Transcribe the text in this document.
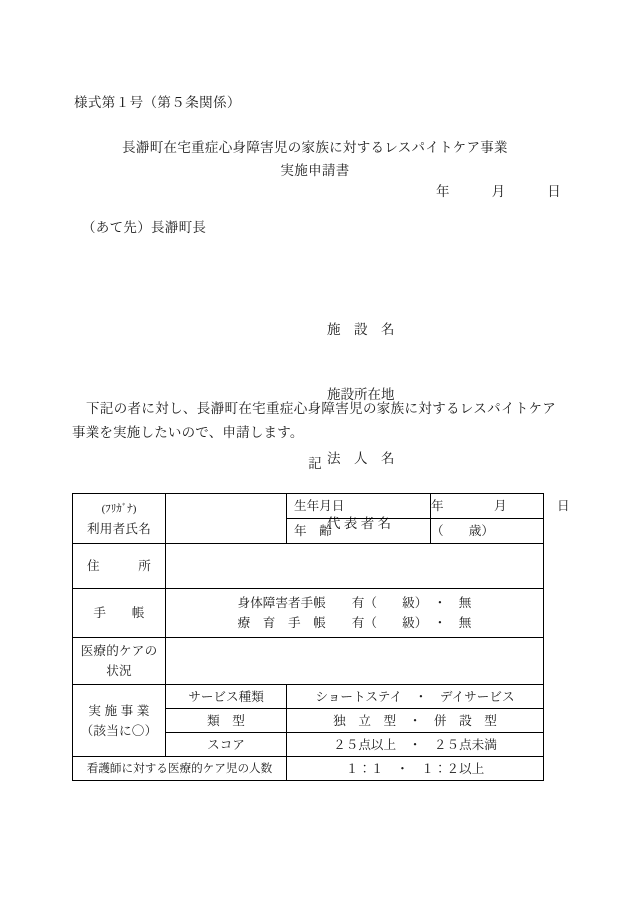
様式第１号（第５条関係）
長瀞町在宅重症心身障害児の家族に対するレスパイトケア事業
実施申請書
年　　　月　　　日
（あて先）長瀞町長

施　設　名

施設所在地

法　人　名

代 表 者 名

下記の者に対し、長瀞町在宅重症心身障害児の家族に対するレスパイトケア事業を実施したいので、申請します。
記
(ﾌﾘｶﾞﾅ)
利用者氏名		生年月日	年　　　　月　　　　日
		年　齢	（　　歳）
住　　　所			
手　　帳	身体障害者手帳 有（　　級）　・　無
療　育　手　帳 有（　　級）　・　無		
医療的ケアの
状況			
実 施 事 業
（該当に〇）	サービス種類	ショートステイ　・　デイサービス	
	類　型	独　立　型　・　併　設　型	
	スコア	２５点以上　・　２５点未満	
看護師に対する医療的ケア児の人数		１：１　・　１：２以上	
